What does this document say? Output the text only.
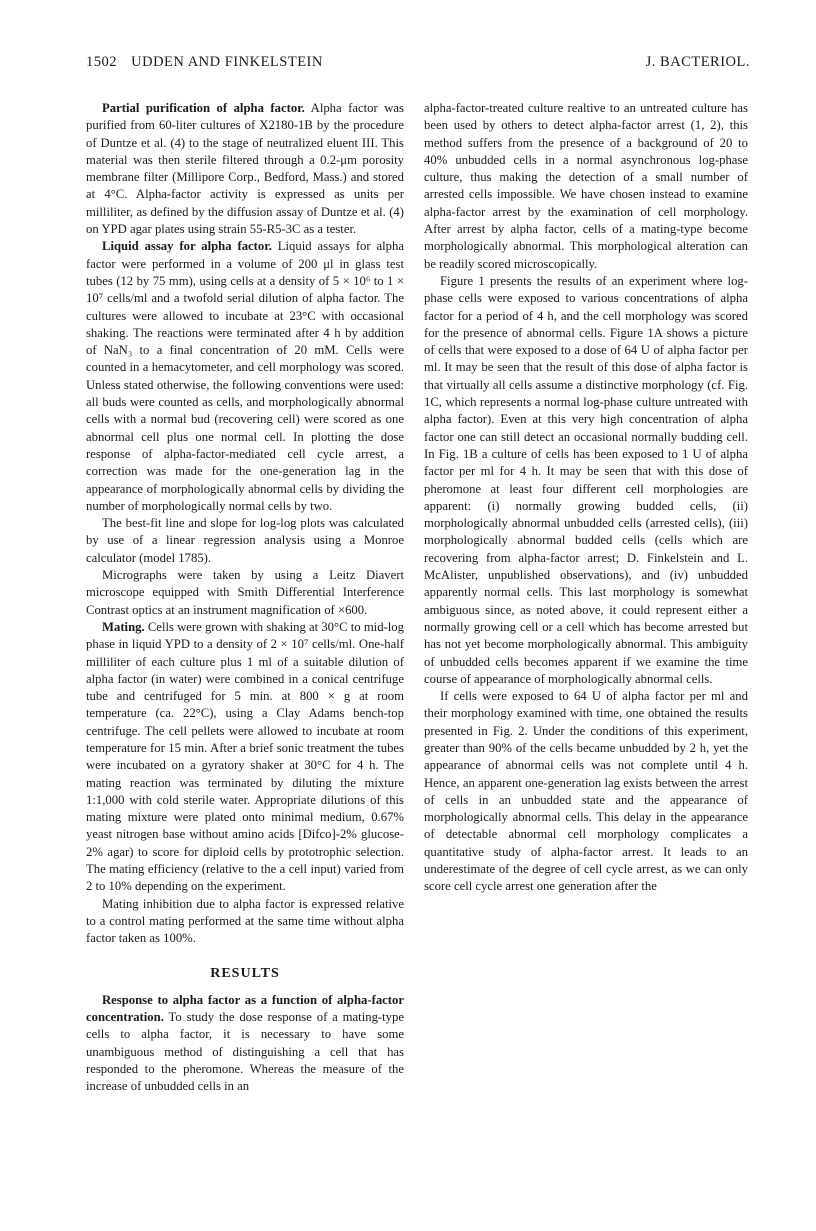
1502 UDDEN AND FINKELSTEIN	J. BACTERIOL.

Partial purification of alpha factor. Alpha factor was purified from 60-liter cultures of X2180-1B by the procedure of Duntze et al. (4) to the stage of neutralized eluent III. This material was then sterile filtered through a 0.2-μm porosity membrane filter (Millipore Corp., Bedford, Mass.) and stored at 4°C. Alpha-factor activity is expressed as units per milliliter, as defined by the diffusion assay of Duntze et al. (4) on YPD agar plates using strain 55-R5-3C as a tester.

Liquid assay for alpha factor. Liquid assays for alpha factor were performed in a volume of 200 μl in glass test tubes (12 by 75 mm), using cells at a density of 5 × 10⁶ to 1 × 10⁷ cells/ml and a twofold serial dilution of alpha factor. The cultures were allowed to incubate at 23°C with occasional shaking. The reactions were terminated after 4 h by addition of NaN₃ to a final concentration of 20 mM. Cells were counted in a hemacytometer, and cell morphology was scored. Unless stated otherwise, the following conventions were used: all buds were counted as cells, and morphologically abnormal cells with a normal bud (recovering cell) were scored as one abnormal cell plus one normal cell. In plotting the dose response of alpha-factor-mediated cell cycle arrest, a correction was made for the one-generation lag in the appearance of morphologically abnormal cells by dividing the number of morphologically normal cells by two.

The best-fit line and slope for log-log plots was calculated by use of a linear regression analysis using a Monroe calculator (model 1785).

Micrographs were taken by using a Leitz Diavert microscope equipped with Smith Differential Interference Contrast optics at an instrument magnification of ×600.

Mating. Cells were grown with shaking at 30°C to mid-log phase in liquid YPD to a density of 2 × 10⁷ cells/ml. One-half milliliter of each culture plus 1 ml of a suitable dilution of alpha factor (in water) were combined in a conical centrifuge tube and centrifuged for 5 min. at 800 × g at room temperature (ca. 22°C), using a Clay Adams bench-top centrifuge. The cell pellets were allowed to incubate at room temperature for 15 min. After a brief sonic treatment the tubes were incubated on a gyratory shaker at 30°C for 4 h. The mating reaction was terminated by diluting the mixture 1:1,000 with cold sterile water. Appropriate dilutions of this mating mixture were plated onto minimal medium, 0.67% yeast nitrogen base without amino acids [Difco]-2% glucose-2% agar) to score for diploid cells by prototrophic selection. The mating efficiency (relative to the a cell input) varied from 2 to 10% depending on the experiment.

Mating inhibition due to alpha factor is expressed relative to a control mating performed at the same time without alpha factor taken as 100%.

RESULTS

Response to alpha factor as a function of alpha-factor concentration. To study the dose response of a mating-type cells to alpha factor, it is necessary to have some unambiguous method of distinguishing a cell that has responded to the pheromone. Whereas the measure of the increase of unbudded cells in an

alpha-factor-treated culture realtive to an untreated culture has been used by others to detect alpha-factor arrest (1, 2), this method suffers from the presence of a background of 20 to 40% unbudded cells in a normal asynchronous log-phase culture, thus making the detection of a small number of arrested cells impossible. We have chosen instead to examine alpha-factor arrest by the examination of cell morphology. After arrest by alpha factor, cells of a mating-type become morphologically abnormal. This morphological alteration can be readily scored microscopically.

Figure 1 presents the results of an experiment where log-phase cells were exposed to various concentrations of alpha factor for a period of 4 h, and the cell morphology was scored for the presence of abnormal cells. Figure 1A shows a picture of cells that were exposed to a dose of 64 U of alpha factor per ml. It may be seen that the result of this dose of alpha factor is that virtually all cells assume a distinctive morphology (cf. Fig. 1C, which represents a normal log-phase culture untreated with alpha factor). Even at this very high concentration of alpha factor one can still detect an occasional normally budding cell. In Fig. 1B a culture of cells has been exposed to 1 U of alpha factor per ml for 4 h. It may be seen that with this dose of pheromone at least four different cell morphologies are apparent: (i) normally growing budded cells, (ii) morphologically abnormal unbudded cells (arrested cells), (iii) morphologically abnormal budded cells (cells which are recovering from alpha-factor arrest; D. Finkelstein and L. McAlister, unpublished observations), and (iv) unbudded apparently normal cells. This last morphology is somewhat ambiguous since, as noted above, it could represent either a normally growing cell or a cell which has become arrested but has not yet become morphologically abnormal. This ambiguity of unbudded cells becomes apparent if we examine the time course of appearance of morphologically abnormal cells.

If cells were exposed to 64 U of alpha factor per ml and their morphology examined with time, one obtained the results presented in Fig. 2. Under the conditions of this experiment, greater than 90% of the cells became unbudded by 2 h, yet the appearance of abnormal cells was not complete until 4 h. Hence, an apparent one-generation lag exists between the arrest of cells in an unbudded state and the appearance of morphologically abnormal cells. This delay in the appearance of detectable abnormal cell morphology complicates a quantitative study of alpha-factor arrest. It leads to an underestimate of the degree of cell cycle arrest, as we can only score cell cycle arrest one generation after the
